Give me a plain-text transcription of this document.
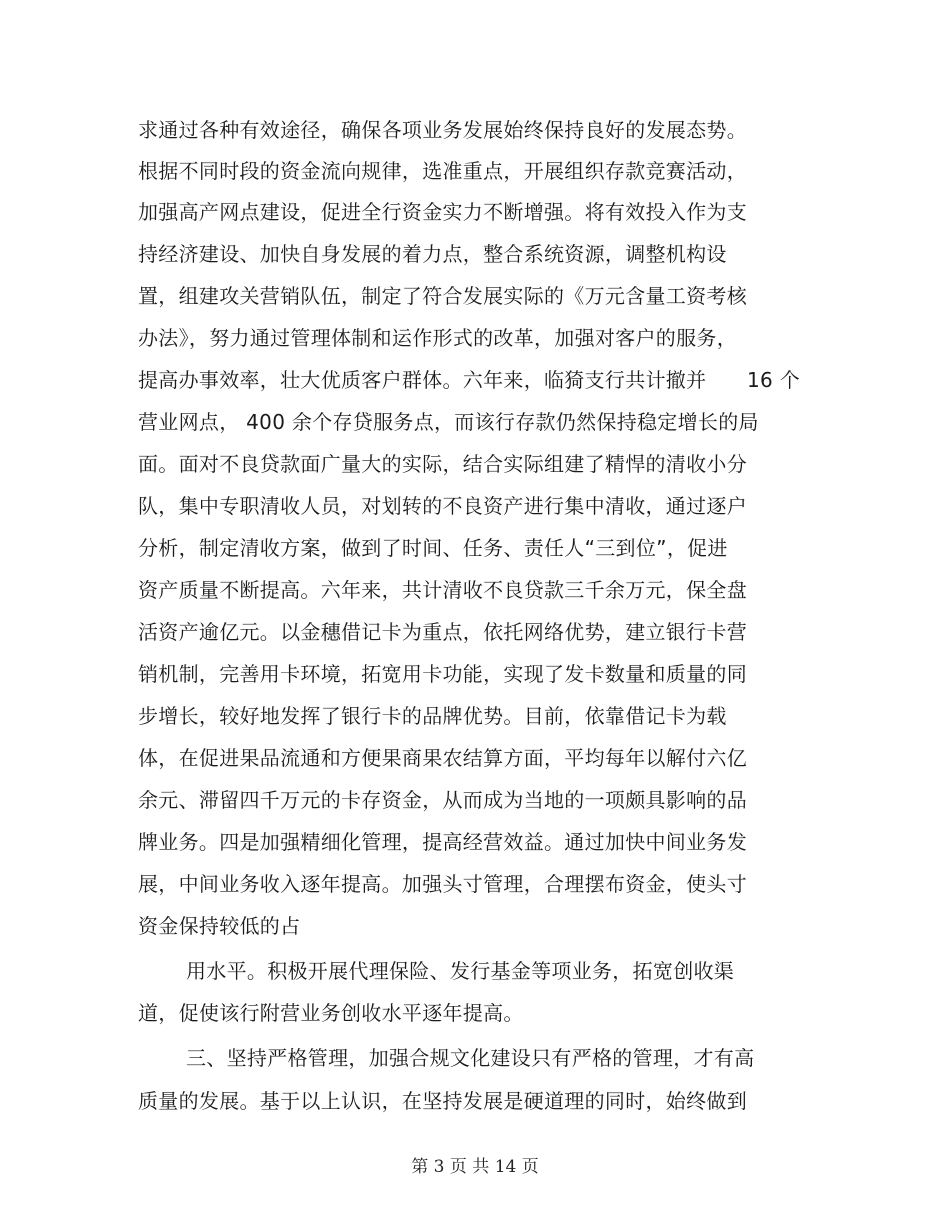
求通过各种有效途径，确保各项业务发展始终保持良好的发展态势。
根据不同时段的资金流向规律，选准重点，开展组织存款竞赛活动，
加强高产网点建设，促进全行资金实力不断增强。将有效投入作为支
持经济建设、加快自身发展的着力点，整合系统资源，调整机构设
置，组建攻关营销队伍，制定了符合发展实际的《万元含量工资考核
办法》，努力通过管理体制和运作形式的改革，加强对客户的服务，
提高办事效率，壮大优质客户群体。六年来，临猗支行共计撤并　　16 个
营业网点， 400 余个存贷服务点，而该行存款仍然保持稳定增长的局
面。面对不良贷款面广量大的实际，结合实际组建了精悍的清收小分
队，集中专职清收人员，对划转的不良资产进行集中清收，通过逐户
分析，制定清收方案，做到了时间、任务、责任人“三到位”，促进
资产质量不断提高。六年来，共计清收不良贷款三千余万元，保全盘
活资产逾亿元。以金穗借记卡为重点，依托网络优势，建立银行卡营
销机制，完善用卡环境，拓宽用卡功能，实现了发卡数量和质量的同
步增长，较好地发挥了银行卡的品牌优势。目前，依靠借记卡为载
体，在促进果品流通和方便果商果农结算方面，平均每年以解付六亿
余元、滞留四千万元的卡存资金，从而成为当地的一项颇具影响的品
牌业务。四是加强精细化管理，提高经营效益。通过加快中间业务发
展，中间业务收入逐年提高。加强头寸管理，合理摆布资金，使头寸
资金保持较低的占
用水平。积极开展代理保险、发行基金等项业务，拓宽创收渠
道，促使该行附营业务创收水平逐年提高。
三、坚持严格管理，加强合规文化建设只有严格的管理，才有高
质量的发展。基于以上认识，在坚持发展是硬道理的同时，始终做到
第 3 页 共 14 页
